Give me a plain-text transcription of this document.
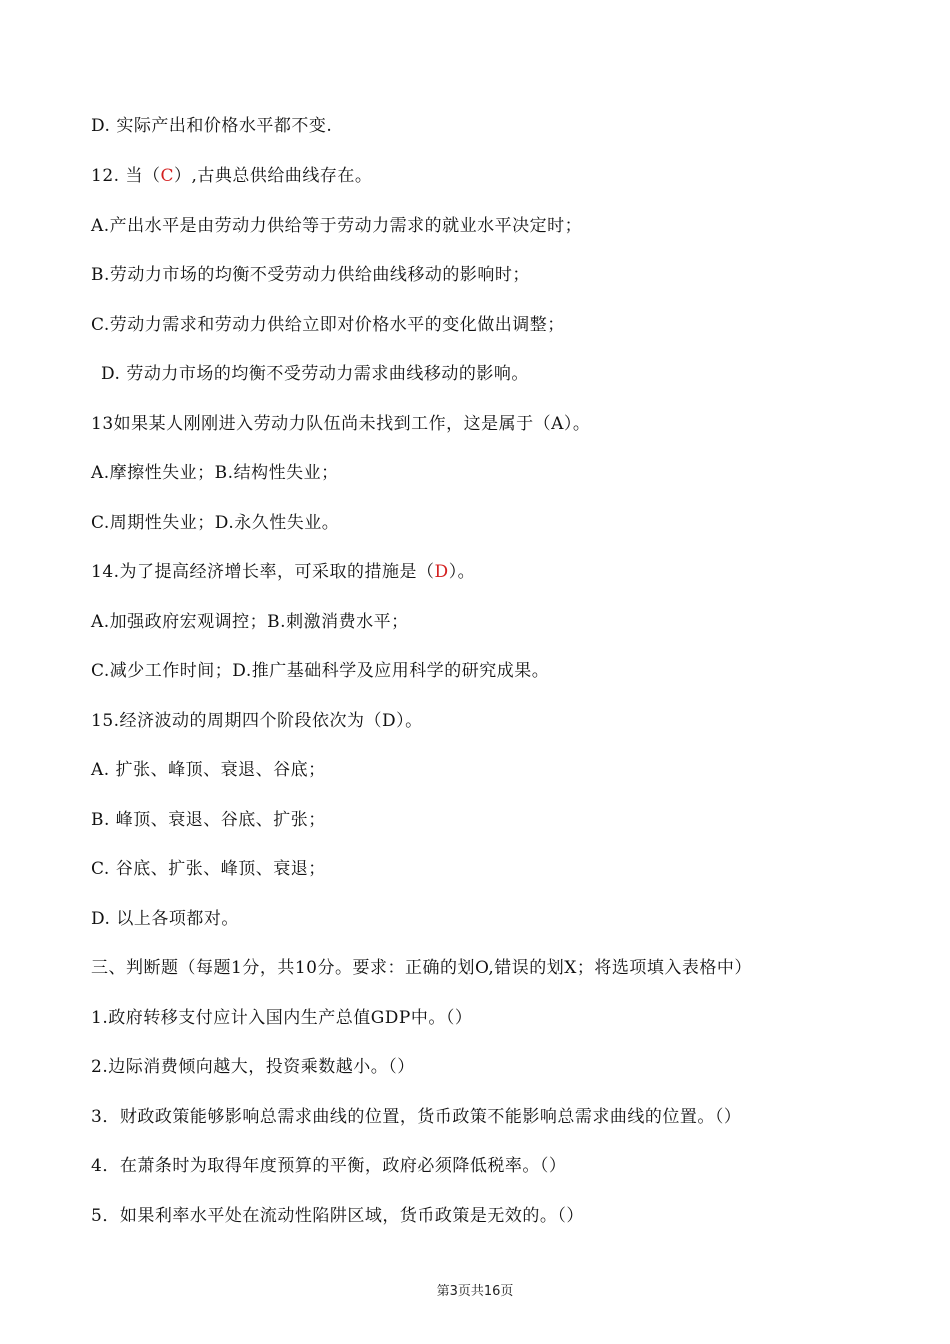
D. 实际产出和价格水平都不变.
12. 当（C）,古典总供给曲线存在。
A.产出水平是由劳动力供给等于劳动力需求的就业水平决定时；
B.劳动力市场的均衡不受劳动力供给曲线移动的影响时；
C.劳动力需求和劳动力供给立即对价格水平的变化做出调整；
D. 劳动力市场的均衡不受劳动力需求曲线移动的影响。
13如果某人刚刚进入劳动力队伍尚未找到工作，这是属于（A）。
A.摩擦性失业；B.结构性失业；
C.周期性失业；D.永久性失业。
14.为了提高经济增长率，可采取的措施是（D）。
A.加强政府宏观调控；B.刺激消费水平；
C.减少工作时间；D.推广基础科学及应用科学的研究成果。
15.经济波动的周期四个阶段依次为（D）。
A. 扩张、峰顶、衰退、谷底；
B. 峰顶、衰退、谷底、扩张；
C. 谷底、扩张、峰顶、衰退；
D. 以上各项都对。
三、判断题（每题1分，共10分。要求：正确的划O,错误的划X；将选项填入表格中）
1.政府转移支付应计入国内生产总值GDP中。（）
2.边际消费倾向越大，投资乘数越小。（）
3．财政政策能够影响总需求曲线的位置，货币政策不能影响总需求曲线的位置。（）
4．在萧条时为取得年度预算的平衡，政府必须降低税率。（）
5．如果利率水平处在流动性陷阱区域，货币政策是无效的。（）
第3页共16页
